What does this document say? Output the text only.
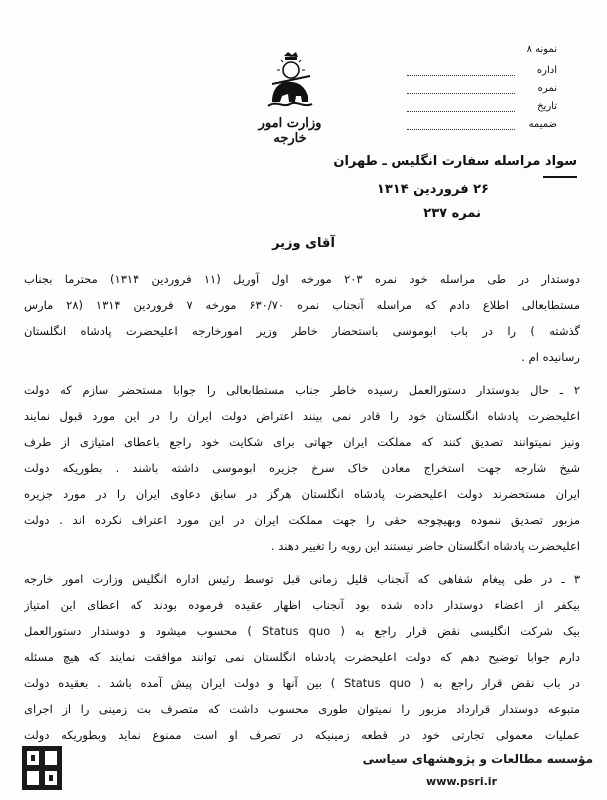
وزارت امور خارجه
نمونه ۸
اداره
نمره
تاریخ
ضمیمه
سواد مراسله سفارت انگلیس ـ طهران
۲۶ فروردین ۱۳۱۴
نمره ۲۳۷
آقای وزیر
دوستدار در طی مراسله خود نمره ۲۰۳ مورخه اول آوریل (۱۱ فروردین ۱۳۱۴) محترما بجناب
مستطابعالی اطلاع دادم که مراسله آنجناب نمره ۶۳۰/۷۰ مورخه ۷ فروردین ۱۳۱۴ (۲۸ مارس
گذشته ) را در باب ابوموسی باستحضار خاطر وزیر امورخارجه اعلیحضرت پادشاه انگلستان
رسانیده ام .
۲ ـ حال بدوستدار دستورالعمل رسیده خاطر جناب مستطابعالی را جوابا مستحضر سازم که دولت
اعلیحضرت پادشاه انگلستان خود را قادر نمی بینند اعتراض دولت ایران را در این مورد قبول نمایند
ونیز نمیتوانند تصدیق کنند که مملکت ایران جهاتی برای شکایت خود راجع باعطای امتیازی از طرف
شیخ شارجه جهت استخراج معادن خاک سرخ جزیره ابوموسی داشته باشند . بطوریکه دولت
ایران مستحضرند دولت اعلیحضرت پادشاه انگلستان هرگز در سابق دعاوی ایران را در مورد جزیره
مزبور تصدیق ننموده وبهیچوجه حقی را جهت مملکت ایران در این مورد اعتراف نکرده اند . دولت
اعلیحضرت پادشاه انگلستان حاضر نیستند این رویه را تغییر دهند .
۳ ـ در طی پیغام شفاهی که آنجناب قلیل زمانی قبل توسط رئیس اداره انگلیس وزارت امور خارجه
بیکفر از اعضاء دوستدار داده شده بود آنجناب اظهار عقیده فرموده بودند که اعطای این امتیاز
بیک شرکت انگلیسی نقض قرار راجع به ( Status quo ) محسوب میشود و دوستدار دستورالعمل
دارم جوابا توضیح دهم که دولت اعلیحضرت پادشاه انگلستان نمی توانند موافقت نمایند که هیچ مسئله
در باب نقض قرار راجع به ( Status quo ) بین آنها و دولت ایران پیش آمده باشد . بعقیده دولت
متبوعه دوستدار قرارداد مزبور را نمیتوان طوری محسوب داشت که متصرف بت زمینی را از اجرای
عملیات معمولی تجارتی خود در قطعه زمینیکه در تصرف او است ممنوع نماید وبطوریکه دولت
مؤسسه مطالعات و پژوهشهای سیاسی
www.psri.ir
